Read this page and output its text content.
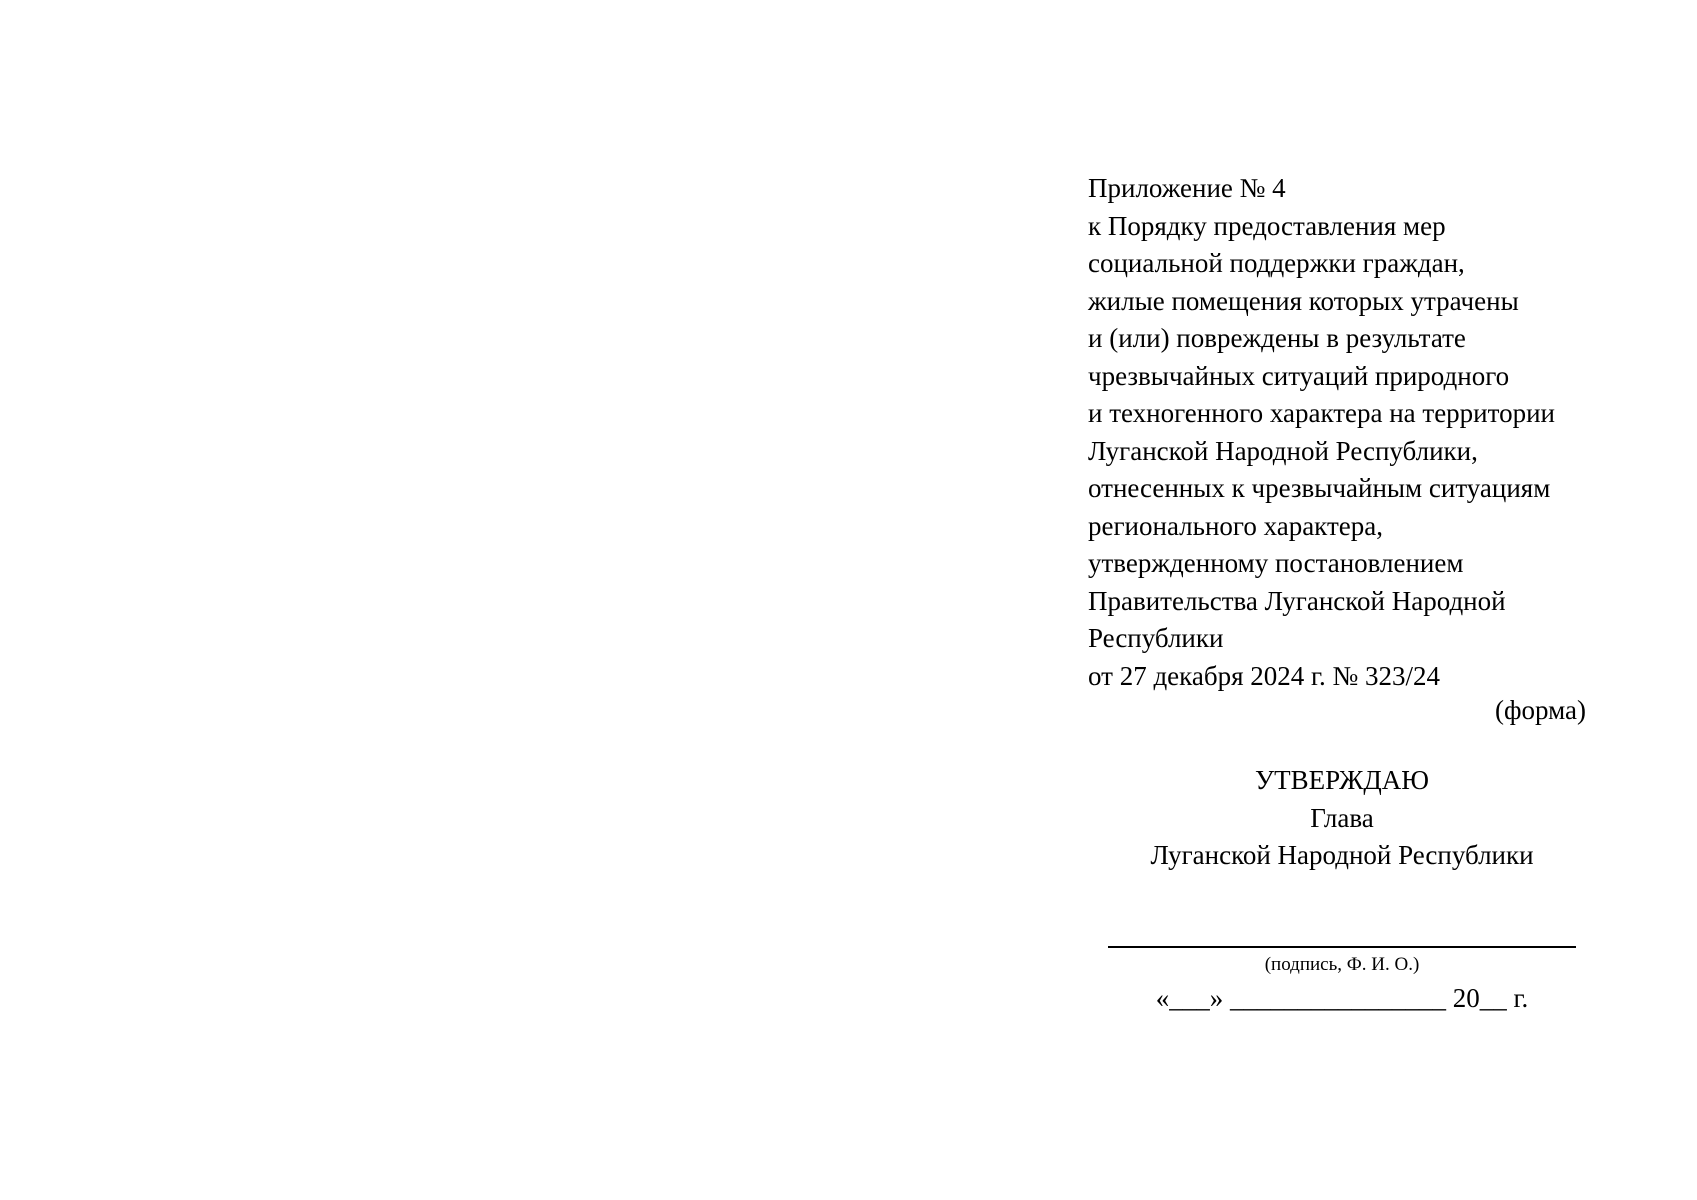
Приложение № 4
к Порядку предоставления мер
социальной поддержки граждан,
жилые помещения которых утрачены
и (или) повреждены в результате
чрезвычайных ситуаций природного
и техногенного характера на территории
Луганской Народной Республики,
отнесенных к чрезвычайным ситуациям
регионального характера,
утвержденному постановлением
Правительства Луганской Народной
Республики
от 27 декабря 2024 г. № 323/24
(форма)
УТВЕРЖДАЮ
Глава
Луганской Народной Республики
(подпись, Ф. И. О.)
«___» ________________ 20__ г.
